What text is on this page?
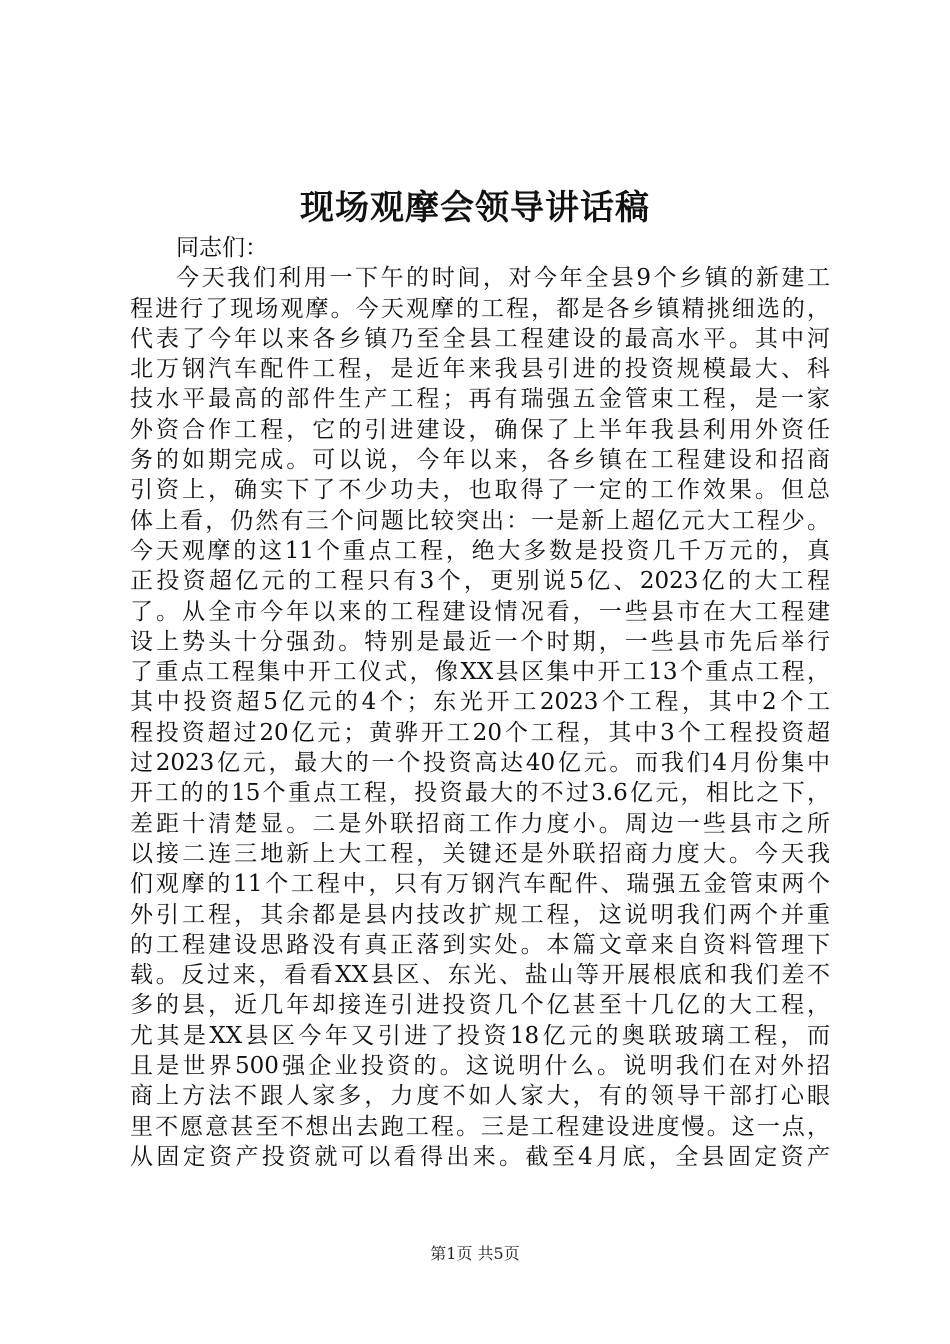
现场观摩会领导讲话稿
同志们：
今天我们利用一下午的时间，对今年全县9个乡镇的新建工
程进行了现场观摩。今天观摩的工程，都是各乡镇精挑细选的，
代表了今年以来各乡镇乃至全县工程建设的最高水平。其中河
北万钢汽车配件工程，是近年来我县引进的投资规模最大、科
技水平最高的部件生产工程；再有瑞强五金管束工程，是一家
外资合作工程，它的引进建设，确保了上半年我县利用外资任
务的如期完成。可以说，今年以来，各乡镇在工程建设和招商
引资上，确实下了不少功夫，也取得了一定的工作效果。但总
体上看，仍然有三个问题比较突出：一是新上超亿元大工程少。
今天观摩的这11个重点工程，绝大多数是投资几千万元的，真
正投资超亿元的工程只有3个，更别说5亿、2023亿的大工程
了。从全市今年以来的工程建设情况看，一些县市在大工程建
设上势头十分强劲。特别是最近一个时期，一些县市先后举行
了重点工程集中开工仪式，像XX县区集中开工13个重点工程，
其中投资超5亿元的4个；东光开工2023个工程，其中2个工
程投资超过20亿元；黄骅开工20个工程，其中3个工程投资超
过2023亿元，最大的一个投资高达40亿元。而我们4月份集中
开工的的15个重点工程，投资最大的不过3.6亿元，相比之下，
差距十清楚显。二是外联招商工作力度小。周边一些县市之所
以接二连三地新上大工程，关键还是外联招商力度大。今天我
们观摩的11个工程中，只有万钢汽车配件、瑞强五金管束两个
外引工程，其余都是县内技改扩规工程，这说明我们两个并重
的工程建设思路没有真正落到实处。本篇文章来自资料管理下
载。反过来，看看XX县区、东光、盐山等开展根底和我们差不
多的县，近几年却接连引进投资几个亿甚至十几亿的大工程，
尤其是XX县区今年又引进了投资18亿元的奥联玻璃工程，而
且是世界500强企业投资的。这说明什么。说明我们在对外招
商上方法不跟人家多，力度不如人家大，有的领导干部打心眼
里不愿意甚至不想出去跑工程。三是工程建设进度慢。这一点，
从固定资产投资就可以看得出来。截至4月底，全县固定资产
第1页 共5页
